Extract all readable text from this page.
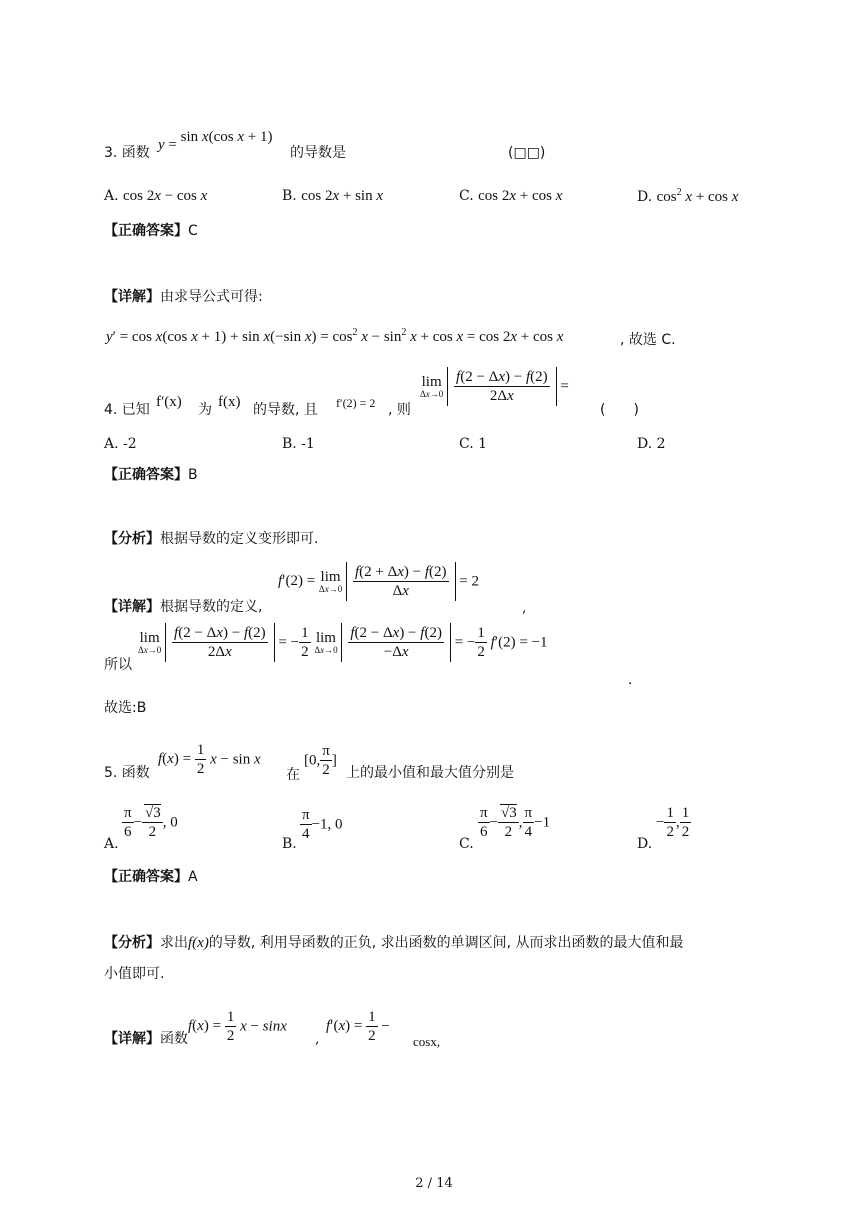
3. 函数 y = sin x(cos x + 1)
的导数是	(□□)
A. cos 2x − cos x	B. cos 2x + sin x	C. cos 2x + cos x	D. $\cos^2 x + \cos x$
【正确答案】C
【详解】由求导公式可得:
y′ = cos x(cos x + 1) + sin x(−sin $x) = \cos^2 x - \sin^2 x + \cos x = \cos 2x + \cos x$	, 故选 C.
4. 已知 f′(x) 为 f(x) 的导数, 且 f′(2) = 2 , 则
lim
Δx→0
$\frac{f(2 - \Delta x) - f(2)}{2\Delta x}$ =
(　　)
A. -2	B. -1	C. 1	D. 2
【正确答案】B
【分析】根据导数的定义变形即可.
f′(2) = lim
Δx→0
$\frac{f(2 + \Delta x) - f(2)}{\Delta x} = 2$
【详解】根据导数的定义,	,
lim
Δx→0
$\frac{f(2 - \Delta x) - f(2)}{2\Delta x}$ = − $\frac{1}{2}$
lim
Δx→0
$\frac{f(2 - \Delta x) - f(2)}{-\Delta x}$ = − $\frac{1}{2} f'(2) = -1$
所以
.
故选:B
5. 函数
$f(x) = \frac{1}{2}$ x − sin x
在
[0, $\frac{\pi}{2}$ ]
上的最小值和最大值分别是
A.
$\frac{\pi}{6} - \frac{√3}{2}$ , 0
B.
$\frac{\pi}{4} -1$, 0
C.
$\frac{\pi}{6} - \frac{√3}{2}$ , $\frac{\pi}{4} -1$
D.
− $\frac{1}{2}$ , $\frac{1}{2}$
【正确答案】A
【分析】求出f(x)的导数, 利用导函数的正负, 求出函数的单调区间, 从而求出函数的最大值和最
小值即可.
【详解】函数
$f(x) = \frac{1}{2}$ x − sinx
,
$f'(x) = \frac{1}{2}$ −
cosx,
2 / 14
